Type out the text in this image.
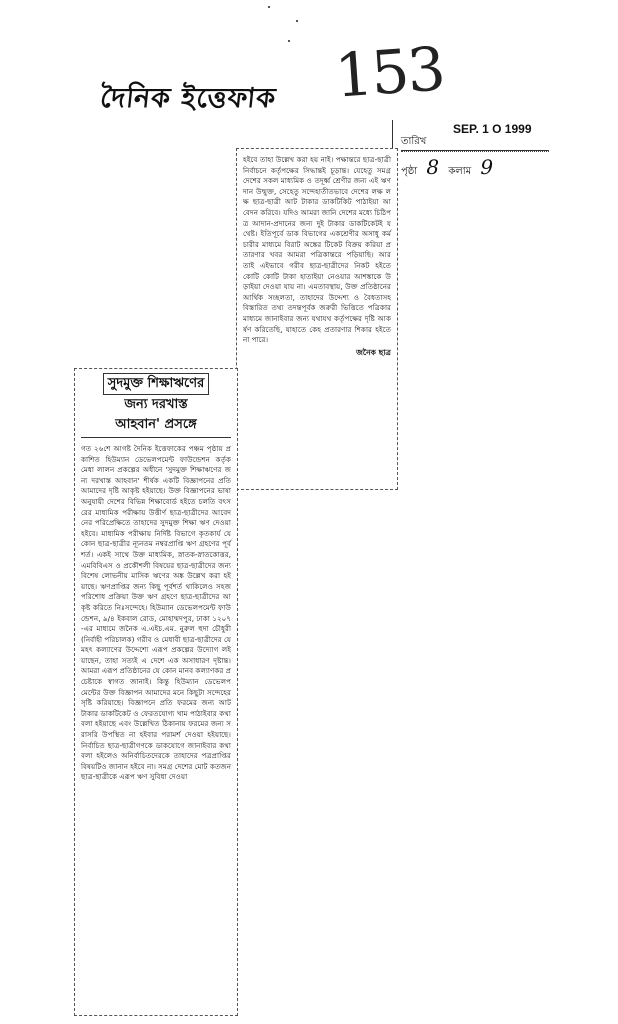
দৈনিক ইত্তেফাক 153
SEP. 1 O 1999
তারিখ
পৃষ্ঠা 8 কলাম 9

হইবে তাহা উল্লেখ করা হয় নাই। পক্ষান্তরে ছাত্র-ছাত্রী নির্বাচনে কর্তৃপক্ষের সিদ্ধান্তই চূড়ান্ত। যেহেতু সমগ্র দেশের সকল মাধ্যমিক ও তদূর্ধ্ব শ্রেণীর জন্য এই ঋণদান উন্মুক্ত, সেহেতু সন্দেহাতীতভাবে দেশের লক্ষ লক্ষ ছাত্র-ছাত্রী আট টাকার ডাকটিকিট পাঠাইয়া আবেদন করিবে। যদিও আমরা জানি দেশের মধ্যে চিঠিপত্র আদান-প্রদানের জন্য দুই টাকার ডাকটিকেটই যথেষ্ট। ইতিপূর্বে ডাক বিভাগের একশ্রেণীর অসাধু কর্মচারীর মাধ্যমে বিরাট অঙ্কের টিকেট বিক্রয় করিয়া প্রতারণার খবর আমরা পত্রিকান্তরে পড়িয়াছি। আর তাই এইভাবে গরীব ছাত্র-ছাত্রীদের নিকট হইতে কোটি কোটি টাকা হাতাইয়া নেওয়ার আশঙ্কাকে উড়াইয়া দেওয়া যায় না। এমতাবস্থায়, উক্ত প্রতিষ্ঠানের আর্থিক সচ্ছলতা, তাহাদের উদ্দেশ্য ও বৈধতাসহ বিস্তারিত তথ্য তদন্তপূর্বক জরুরী ভিত্তিতে পত্রিকার মাধ্যমে জানাইবার জন্য যথাযথ কর্তৃপক্ষের দৃষ্টি আকর্ষণ করিতেছি, যাহাতে কেহ প্রতারণার শিকার হইতে না পারে।

জনৈক ছাত্র
সুদমুক্ত শিক্ষাঋণের
জন্য দরখাস্ত
আহবান' প্রসঙ্গে

গত ২৬শে আগষ্ট দৈনিক ইত্তেফাকের পঞ্চম পৃষ্ঠায় প্রকাশিত হিউম্যান ডেভেলপমেন্ট ফাউন্ডেশন কর্তৃক মেধা লালন প্রকল্পের অধীনে 'সুদমুক্ত শিক্ষাঋণের জন্য দরখাস্ত আহবান' শীর্ষক একটি বিজ্ঞাপনের প্রতি আমাদের দৃষ্টি আকৃষ্ট হইয়াছে। উক্ত বিজ্ঞাপনের ভাষা অনুযায়ী দেশের বিভিন্ন শিক্ষাবোর্ড হইতে চলতি বৎসরের মাধ্যমিক পরীক্ষায় উত্তীর্ণ ছাত্র-ছাত্রীদের আবেদনের পরিপ্রেক্ষিতে তাহাদের সুদমুক্ত শিক্ষা ঋণ দেওয়া হইবে। মাধ্যমিক পরীক্ষায় নির্দিষ্ট বিভাগে কৃতকার্য যে কোন ছাত্র-ছাত্রীর ন্যূনতম নম্বরপ্রাপ্তি ঋণ গ্রহণের পূর্বশর্ত। একই সাথে উক্ত মাধ্যমিক, স্নাতক-স্নাতকোত্তর, এমবিবিএস ও প্রকৌশলী বিষয়ের ছাত্র-ছাত্রীদের জন্য বিশেষ লোভনীয় মাসিক ঋণের অঙ্ক উল্লেখ করা হইয়াছে। ঋণপ্রাপ্তির জন্য কিছু পূর্বশর্ত থাকিলেও সহজ পরিশোধ প্রক্রিয়া উক্ত ঋণ গ্রহণে ছাত্র-ছাত্রীদের আকৃষ্ট করিতে নিঃসন্দেহে। হিউম্যান ডেভেলপমেন্ট ফাউন্ডেশন, ৯/৪ ইকবাল রোড, মোহাম্মদপুর, ঢাকা ১২০৭-এর মাধ্যমে জনৈক এ.এইচ.এম. নুরুল হুদা চৌধুরী (নির্বাহী পরিচালক) গরীব ও মেধাবী ছাত্র-ছাত্রীদের যে মহৎ কল্যাণের উদ্দেশ্যে এরূপ প্রকল্পের উদ্যোগ লইয়াছেন, তাহা সত্যই এ দেশে এক অসাধারণ দৃষ্টান্ত। আমরা এরূপ প্রতিষ্ঠানের যে কোন মানব কল্যাণকর প্রচেষ্টাকে স্বাগত জানাই। কিন্তু হিউম্যান ডেভেলপমেন্টের উক্ত বিজ্ঞাপন আমাদের মনে কিছুটা সন্দেহের সৃষ্টি করিয়াছে। বিজ্ঞাপনে প্রতি ফরমের জন্য আট টাকার ডাকটিকেট ও ফেরতযোগ্য খাম পাঠাইবার কথা বলা হইয়াছে এবং উল্লেখিত ঠিকানায় ফরমের জন্য সরাসরি উপস্থিত না হইবার পরামর্শ দেওয়া হইয়াছে। নির্বাচিত ছাত্র-ছাত্রীগণকে ডাকযোগে জানাইবার কথা বলা হইলেও অনির্বাচিতদেরকে তাহাদের পত্রপ্রাপ্তির বিষয়টিও জানান হইবে না। সমগ্র দেশের মোট কতজন ছাত্র-ছাত্রীকে এরূপ ঋণ সুবিধা দেওয়া
